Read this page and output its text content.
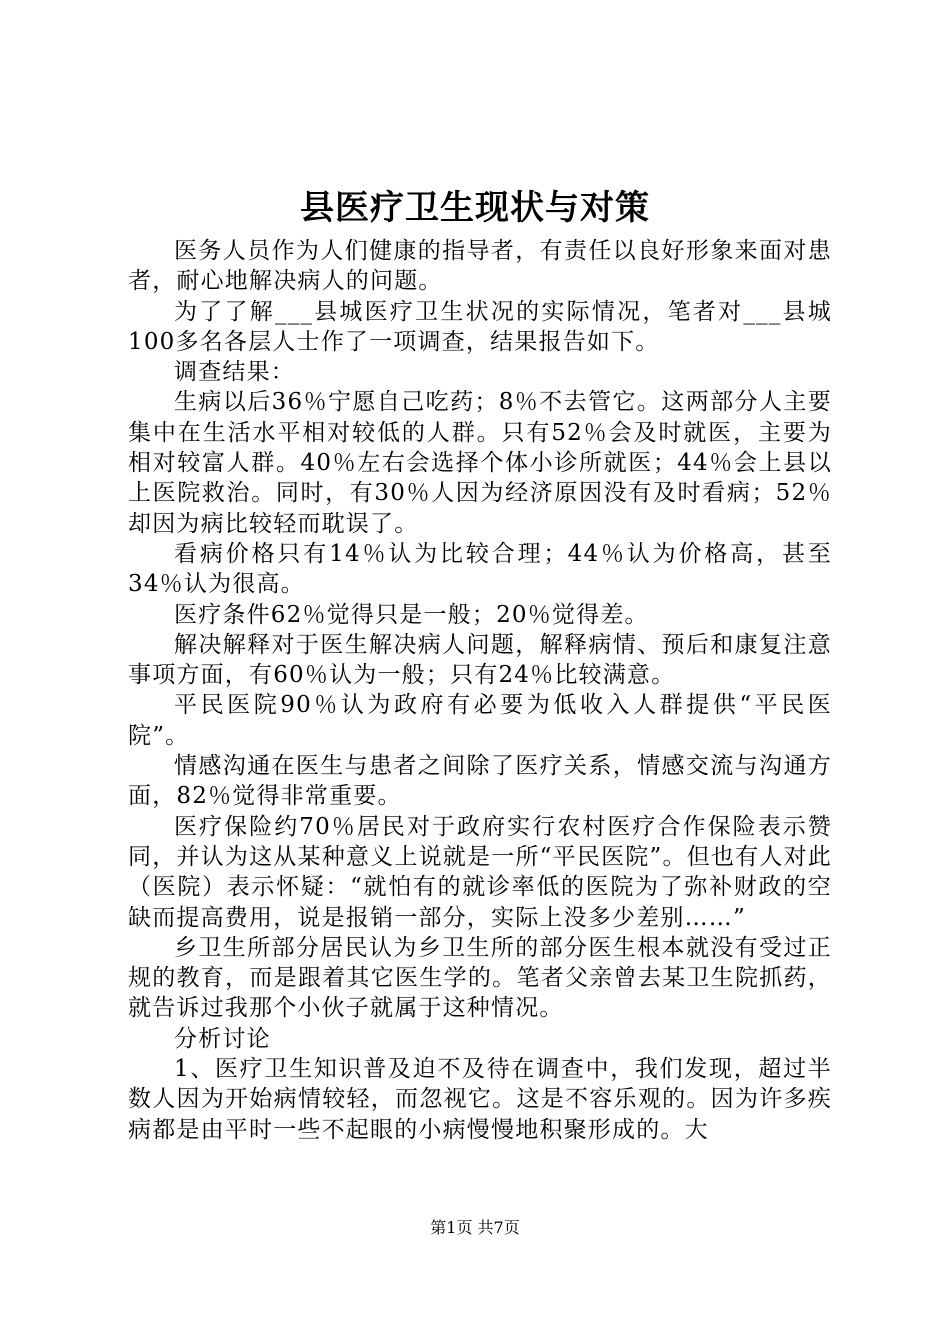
县医疗卫生现状与对策

医务人员作为人们健康的指导者，有责任以良好形象来面对患者，耐心地解决病人的问题。

为了了解___县城医疗卫生状况的实际情况，笔者对___县城100多名各层人士作了一项调查，结果报告如下。

调查结果：

生病以后36％宁愿自己吃药；8％不去管它。这两部分人主要集中在生活水平相对较低的人群。只有52％会及时就医，主要为相对较富人群。40％左右会选择个体小诊所就医；44％会上县以上医院救治。同时，有30％人因为经济原因没有及时看病；52％却因为病比较轻而耽误了。

看病价格只有14％认为比较合理；44％认为价格高，甚至34％认为很高。

医疗条件62％觉得只是一般；20％觉得差。

解决解释对于医生解决病人问题，解释病情、预后和康复注意事项方面，有60％认为一般；只有24％比较满意。

平民医院90％认为政府有必要为低收入人群提供“平民医院”。

情感沟通在医生与患者之间除了医疗关系，情感交流与沟通方面，82％觉得非常重要。

医疗保险约70％居民对于政府实行农村医疗合作保险表示赞同，并认为这从某种意义上说就是一所“平民医院”。但也有人对此（医院）表示怀疑：“就怕有的就诊率低的医院为了弥补财政的空缺而提高费用，说是报销一部分，实际上没多少差别……”

乡卫生所部分居民认为乡卫生所的部分医生根本就没有受过正规的教育，而是跟着其它医生学的。笔者父亲曾去某卫生院抓药，就告诉过我那个小伙子就属于这种情况。

分析讨论

1、医疗卫生知识普及迫不及待在调查中，我们发现，超过半数人因为开始病情较轻，而忽视它。这是不容乐观的。因为许多疾病都是由平时一些不起眼的小病慢慢地积聚形成的。大

第1页 共7页
